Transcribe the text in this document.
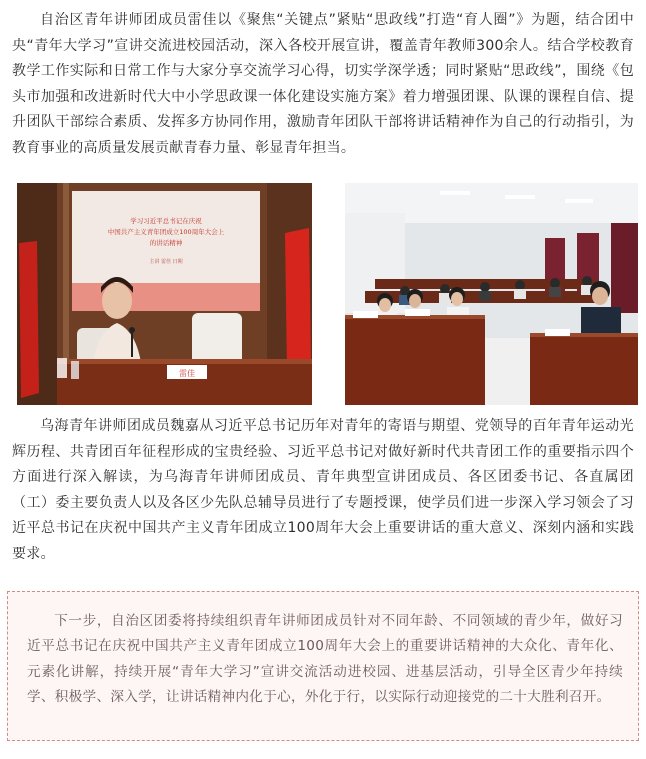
自治区青年讲师团成员雷佳以《聚焦“关键点”紧贴“思政线”打造“育人圈”》为题，结合团中央“青年大学习”宣讲交流进校园活动，深入各校开展宣讲，覆盖青年教师300余人。结合学校教育教学工作实际和日常工作与大家分享交流学习心得，切实学深学透；同时紧贴“思政线”，围绕《包头市加强和改进新时代大中小学思政课一体化建设实施方案》着力增强团课、队课的课程自信、提升团队干部综合素质、发挥多方协同作用，激励青年团队干部将讲话精神作为自己的行动指引，为教育事业的高质量发展贡献青春力量、彰显青年担当。

学习习近平总书记在庆祝
中国共产主义青年团成立100周年大会上
的讲话精神
主讲 雷佳 日期
雷佳

乌海青年讲师团成员魏嘉从习近平总书记历年对青年的寄语与期望、党领导的百年青年运动光辉历程、共青团百年征程形成的宝贵经验、习近平总书记对做好新时代共青团工作的重要指示四个方面进行深入解读，为乌海青年讲师团成员、青年典型宣讲团成员、各区团委书记、各直属团（工）委主要负责人以及各区少先队总辅导员进行了专题授课，使学员们进一步深入学习领会了习近平总书记在庆祝中国共产主义青年团成立100周年大会上重要讲话的重大意义、深刻内涵和实践要求。

下一步，自治区团委将持续组织青年讲师团成员针对不同年龄、不同领域的青少年，做好习近平总书记在庆祝中国共产主义青年团成立100周年大会上的重要讲话精神的大众化、青年化、元素化讲解，持续开展“青年大学习”宣讲交流活动进校园、进基层活动，引导全区青少年持续学、积极学、深入学，让讲话精神内化于心，外化于行，以实际行动迎接党的二十大胜利召开。
